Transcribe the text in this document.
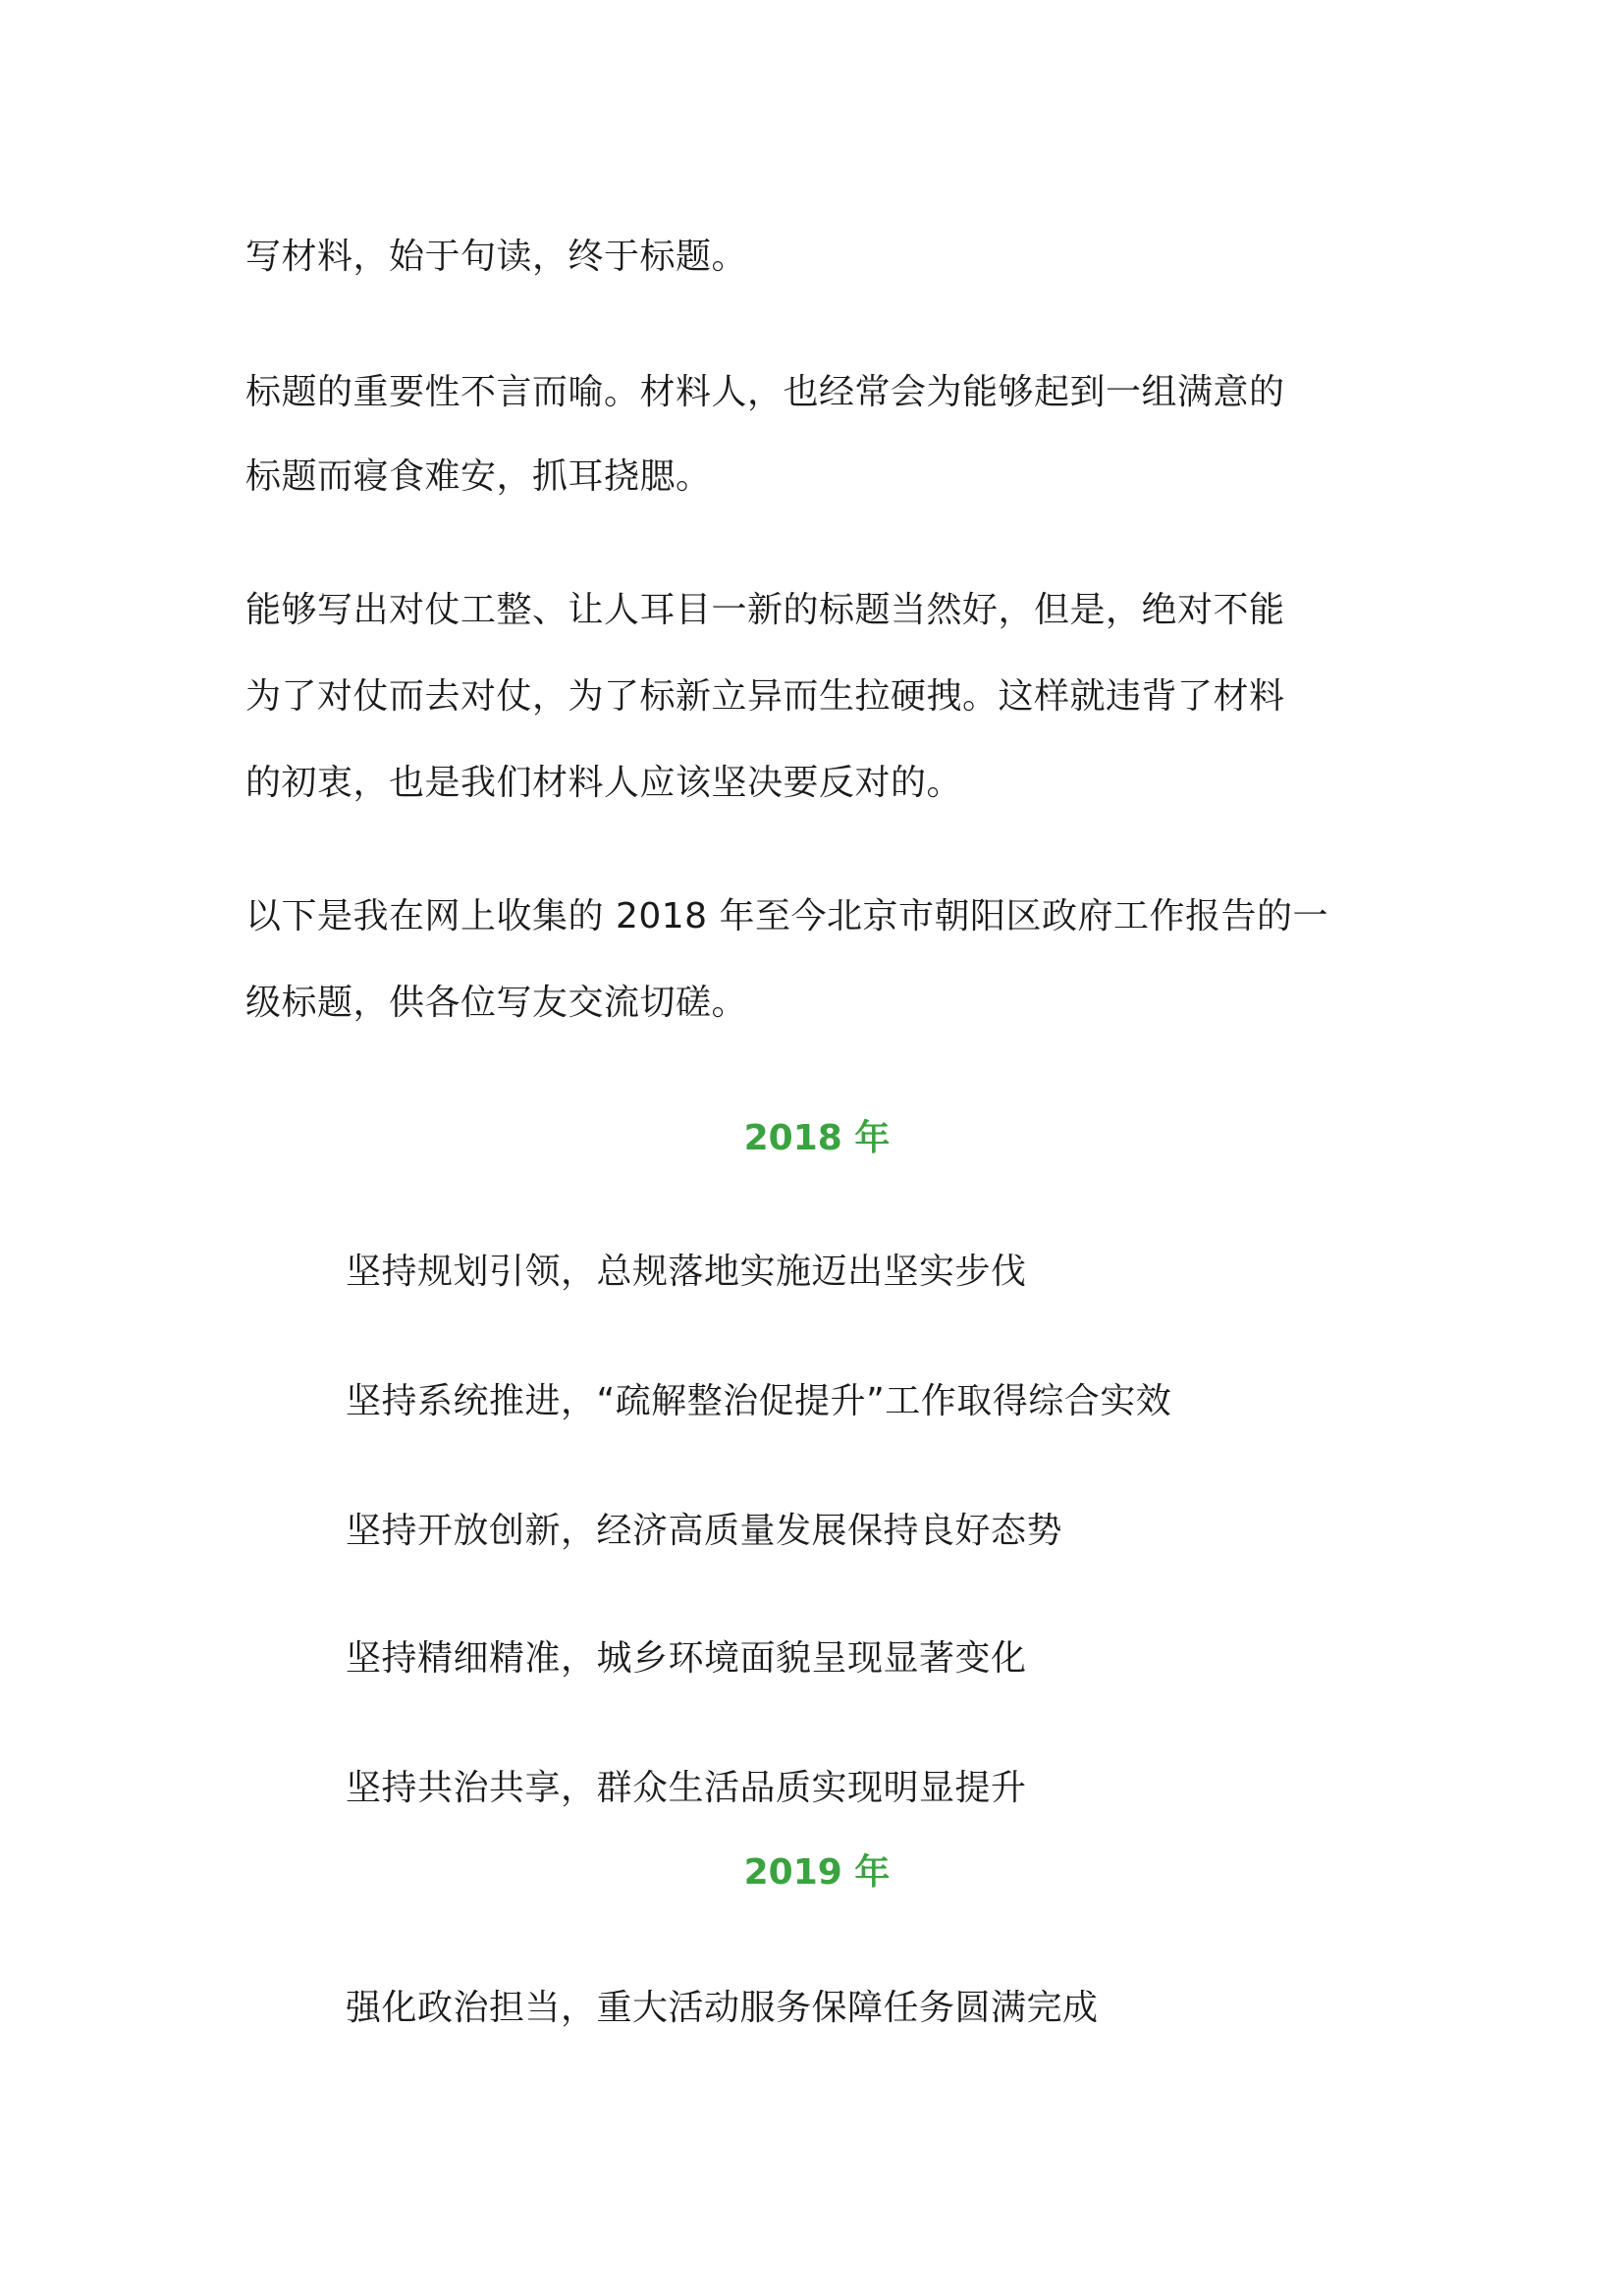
写材料，始于句读，终于标题。
标题的重要性不言而喻。材料人，也经常会为能够起到一组满意的
标题而寝食难安，抓耳挠腮。
能够写出对仗工整、让人耳目一新的标题当然好，但是，绝对不能
为了对仗而去对仗，为了标新立异而生拉硬拽。这样就违背了材料
的初衷，也是我们材料人应该坚决要反对的。
以下是我在网上收集的 2018 年至今北京市朝阳区政府工作报告的一
级标题，供各位写友交流切磋。
2018 年
坚持规划引领，总规落地实施迈出坚实步伐
坚持系统推进，“疏解整治促提升”工作取得综合实效
坚持开放创新，经济高质量发展保持良好态势
坚持精细精准，城乡环境面貌呈现显著变化
坚持共治共享，群众生活品质实现明显提升
2019 年
强化政治担当，重大活动服务保障任务圆满完成
